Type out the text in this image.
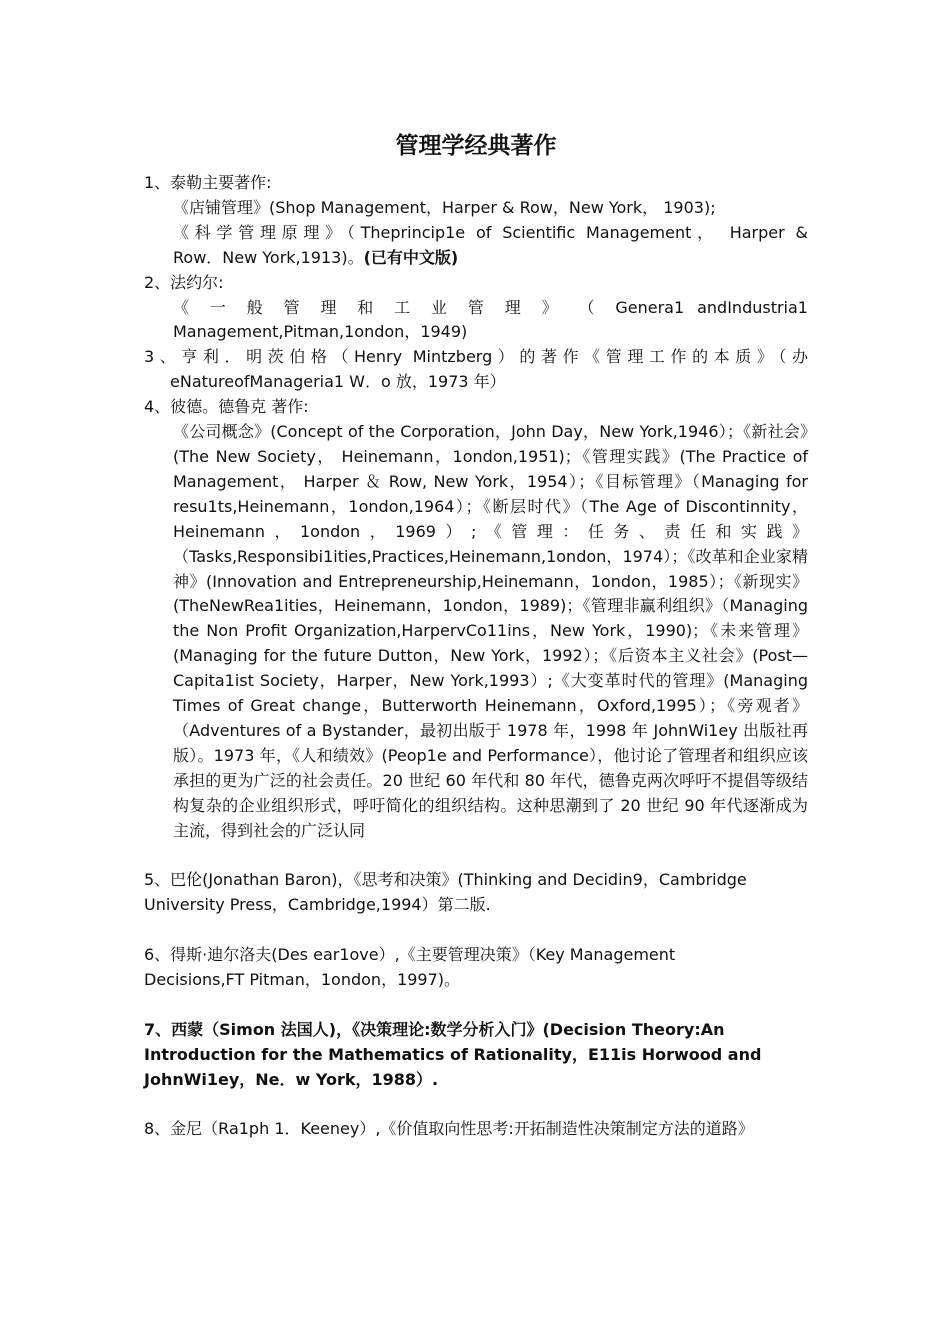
管理学经典著作

1、泰勒主要著作:

《店铺管理》(Shop Management，Harper & Row，New York， 1903);

《科学管理原理》（Theprincip1e of Scientific Management， Harper &

Row．New York,1913)。(已有中文版)

2、法约尔:

《 一 般 管 理 和 工 业 管 理 》 （ Genera1 andIndustria1

Management,Pitman,1ondon，1949)

3、亨利．明茨伯格（Henry Mintzberg）的著作《管理工作的本质》（办

eNatureofManageria1 W．o 放，1973 年）

4、彼德。德鲁克 著作:

《公司概念》(Concept of the Corporation，John Day，New York,1946）；《新社会》(The New Society， Heinemann，1ondon,1951)；《管理实践》(The Practice of Management， Harper ＆ Row, New York，1954）；《目标管理》（Managing for resu1ts,Heinemann，1ondon,1964）；《断层时代》（The Age of Discontinnity， Heinemann，1ondon，1969）;《管理：任务、责任和实践》（Tasks,Responsibi1ities,Practices,Heinemann,1ondon，1974）；《改革和企业家精神》(Innovation and Entrepreneurship,Heinemann，1ondon，1985）；《新现实》(TheNewRea1ities，Heinemann，1ondon，1989)；《管理非赢利组织》（Managing the Non Profit Organization,HarpervCo11ins，New York，1990)；《未来管理》(Managing for the future Dutton，New York，1992）；《后资本主义社会》(Post—Capita1ist Society，Harper，New York,1993）;《大变革时代的管理》(Managing Times of Great change，Butterworth Heinemann，Oxford,1995）；《旁观者》（Adventures of a Bystander，最初出版于 1978 年，1998 年 JohnWi1ey 出版社再版）。1973 年，《人和绩效》(Peop1e and Performance），他讨论了管理者和组织应该承担的更为广泛的社会责任。20 世纪 60 年代和 80 年代，德鲁克两次呼吁不提倡等级结构复杂的企业组织形式，呼吁简化的组织结构。这种思潮到了 20 世纪 90 年代逐渐成为主流，得到社会的广泛认同

5、巴伦(Jonathan Baron)，《思考和决策》(Thinking and Decidin9，Cambridge

University Press，Cambridge,1994）第二版.

6、得斯·迪尔洛夫(Des ear1ove）,《主要管理决策》（Key Management

Decisions,FT Pitman，1ondon，1997)。

7、西蒙（Simon 法国人)，《决策理论:数学分析入门》(Decision Theory:An

Introduction for the Mathematics of Rationality，E11is Horwood and

JohnWi1ey，Ne．w York，1988）.

8、金尼（Ra1ph 1．Keeney）,《价值取向性思考:开拓制造性决策制定方法的道路》
